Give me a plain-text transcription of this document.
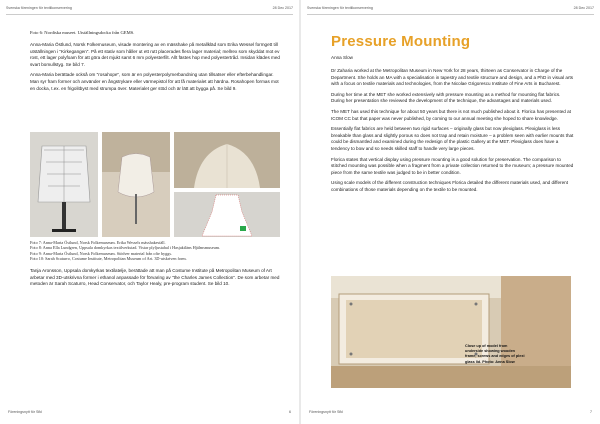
Svenska föreningen för textilkonservering	28 Dec 2017
Foto 6: Nordiska museet. Utställningsdocka från GEMS.

Anna-Maria Östlund, Norsk Folkemuseum, visade montering av en mässhake på metallkläd som Erika Wessel formgett till utställningen i "Kirkegangen". På ett stativ som håller ut ett rutt placerades flera lager material; mellrex som skyddat mot ev rost, ett lager polyfoam för att göra det mjukt samt 6 mm polyesterfilt. Allt fästes hop med polyestertråd. Insidan klädes med svart bomullstyg. Se bild 7.

Anna-Maria berättade också om "rosahope", som är en polyesterpolymerbandning utan tillsatser eller efterbehandlingar. Man syr fram former och använder en ångstrykare eller värmepistol för att få materialet att härdna. Rosahopen formas mot en docka, t.ex. en frigolitbyst med strumpa över. Materialet ger stöd och är lätt att bygga på. Se bild 9.

Foto 7: Anna-Maria Östlund, Norsk Folkemuseum. Erika Wessels mässhakeställ.
Foto 8: Anna Ella Lundgren, Uppsala domkyrkas textilverkstad. Vistar plyljustahal i Hasjaktläns Hjälmsmuseum.
Foto 9: Anna-Maria Östlund, Norsk Folkemuseum. Stödver material från ofte byggs.
Foto 10: Sarah Scaturro, Costume Institute, Metropolitan Museum of Art. 3D-utskriven form.
Tanja Aronsson, Uppsala domkyrkas textilatelje, berättade att man på Costume Institute på Metropolitan Museum of Art arbetar med 3D-utskrivna former i ethanol anpassade för förvaring av "the Charles James Collection". De som arbetar med metoden är Sarah Scaturro, Head Conservator, och Taylor Healy, pre-program student. Se bild 10.
Föreningsnytt för SfkI	6
Svenska föreningen för textilkonservering	28 Dec 2017
Pressure Mounting
Anna Slow

Dr Zaharia worked at the Metropolitan Museum in New York for 28 years, thirteen as Conservator in Charge of the Department. She holds an MA with a specialisation in tapestry and textile structure and design, and a PhD in visual arts with a focus on textile materials and technologies, from the Nicolae Grigorescu Institute of Fine Arts in Bucharest.

During her time at the MET she worked extensively with pressure mounting as a method for mounting flat fabrics. During her presentation she reviewed the development of the technique, the advantages and materials used.

The MET has used this technique for about 50 years but there is not much published about it. Florica has presented at ICOM CC but that paper was never published, by coming to our annual meeting she hoped to share knowledge.

Essentially flat fabrics are held between two rigid surfaces – originally glass but now plexiglass. Plexiglass is less breakable than glass and slightly porous so does not trap and retain moisture – a problem seen with earlier mounts that could be dismantled and examined during the redesign of the plastic Gallery at the MET. Plexiglass does have a tendency to bow and so needs skilled staff to handle very large pieces.

Florica states that vertical display using pressure mounting is a good solution for preservation. The comparison to stitched mounting was possible when a fragment from a private collection returned to the museum; a pressure mounted piece from the same textile was judged to be in better condition.

Using scale models of the different construction techniques Florica detailed the different materials used, and different combinations of those materials depending on the textile to be mounted.

Föreningsnytt för SfkI	7
Close up of model from underside showing wooden frame, screws and edges of plexi glass lid. Photo: Anna Slow
